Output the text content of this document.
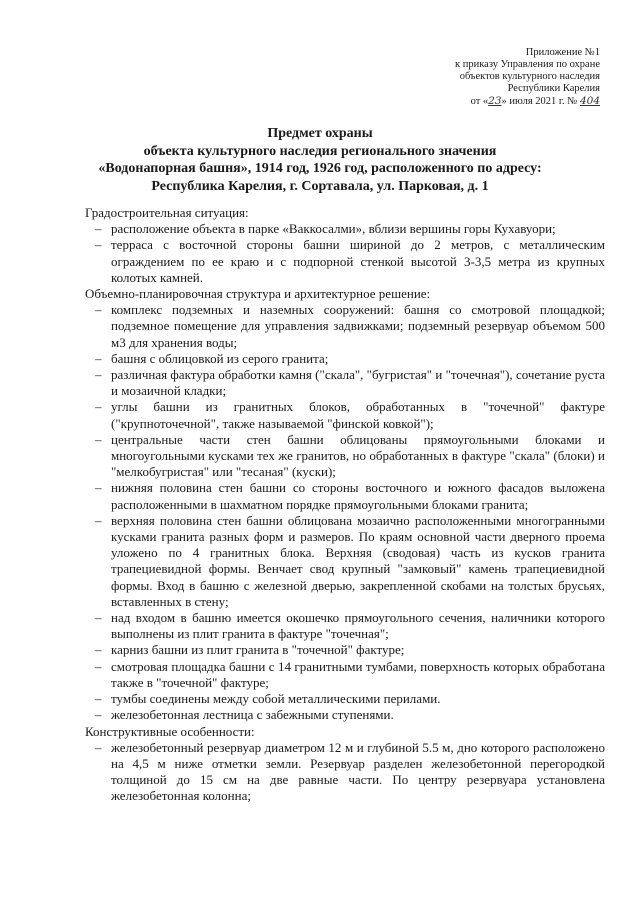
Приложение №1
к приказу Управления по охране
объектов культурного наследия
Республики Карелия
от «23» июля 2021 г. № 404
Предмет охраны
объекта культурного наследия регионального значения
«Водонапорная башня», 1914 год, 1926 год, расположенного по адресу:
Республика Карелия, г. Сортавала, ул. Парковая, д. 1
Градостроительная ситуация:
– расположение объекта в парке «Ваккосалми», вблизи вершины горы Кухавуори;
– терраса с восточной стороны башни шириной до 2 метров, с металлическим ограждением по ее краю и с подпорной стенкой высотой 3-3,5 метра из крупных колотых камней.
Объемно-планировочная структура и архитектурное решение:
– комплекс подземных и наземных сооружений: башня со смотровой площадкой; подземное помещение для управления задвижками; подземный резервуар объемом 500 м3 для хранения воды;
– башня с облицовкой из серого гранита;
– различная фактура обработки камня ("скала", "бугристая" и "точечная"), сочетание руста и мозаичной кладки;
– углы башни из гранитных блоков, обработанных в "точечной" фактуре ("крупноточечной", также называемой "финской ковкой");
– центральные части стен башни облицованы прямоугольными блоками и многоугольными кусками тех же гранитов, но обработанных в фактуре "скала" (блоки) и "мелкобугристая" или "тесаная" (куски);
– нижняя половина стен башни со стороны восточного и южного фасадов выложена расположенными в шахматном порядке прямоугольными блоками гранита;
– верхняя половина стен башни облицована мозаично расположенными многогранными кусками гранита разных форм и размеров. По краям основной части дверного проема уложено по 4 гранитных блока. Верхняя (сводовая) часть из кусков гранита трапециевидной формы. Венчает свод крупный "замковый" камень трапециевидной формы. Вход в башню с железной дверью, закрепленной скобами на толстых брусьях, вставленных в стену;
– над входом в башню имеется окошечко прямоугольного сечения, наличники которого выполнены из плит гранита в фактуре "точечная";
– карниз башни из плит гранита в "точечной" фактуре;
– смотровая площадка башни с 14 гранитными тумбами, поверхность которых обработана также в "точечной" фактуре;
– тумбы соединены между собой металлическими перилами.
– железобетонная лестница с забежными ступенями.
Конструктивные особенности:
– железобетонный резервуар диаметром 12 м и глубиной 5.5 м, дно которого расположено на 4,5 м ниже отметки земли. Резервуар разделен железобетонной перегородкой толщиной до 15 см на две равные части. По центру резервуара установлена железобетонная колонна;
